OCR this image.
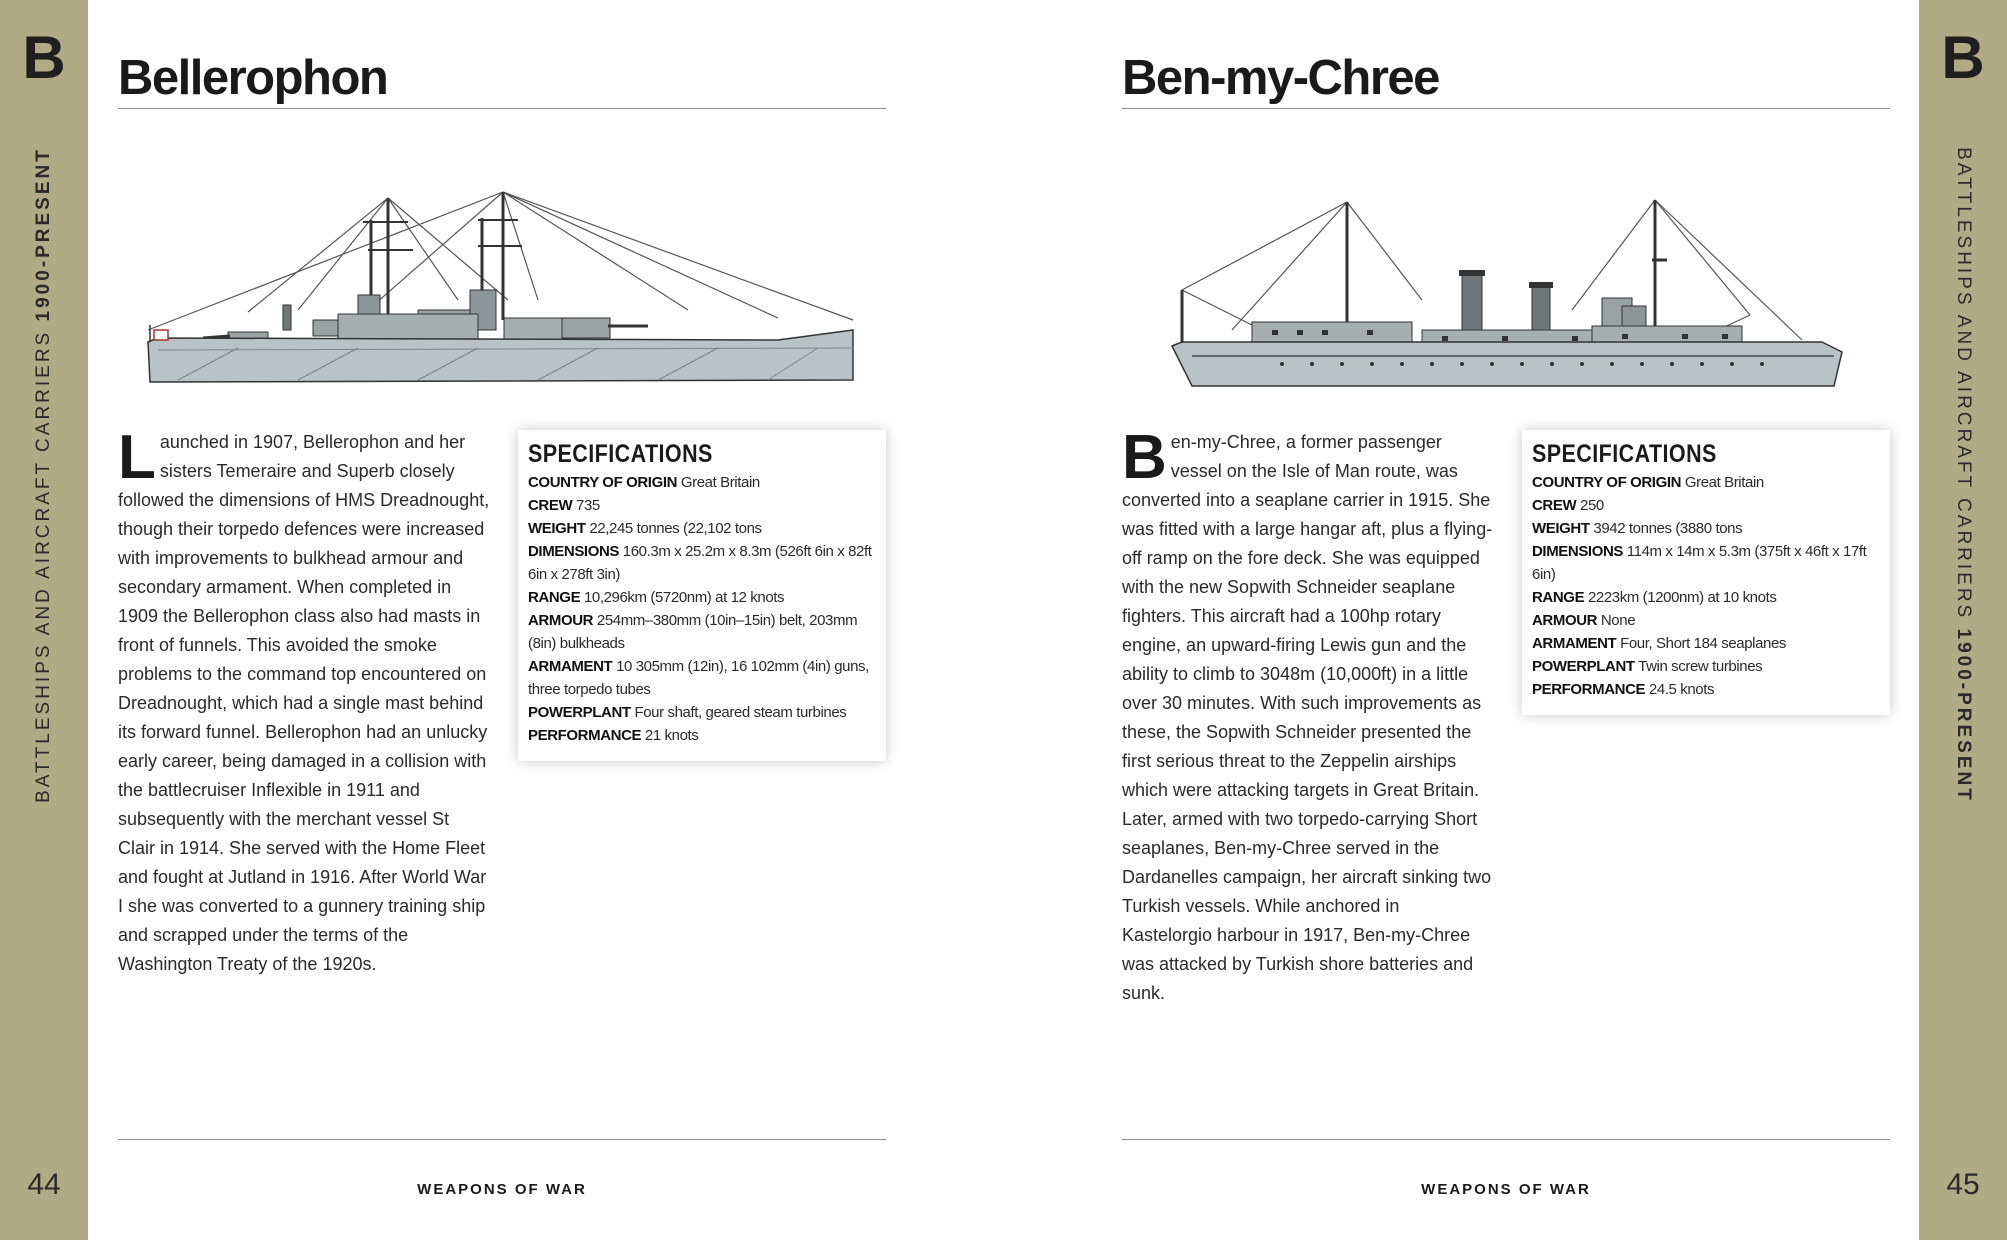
B
BATTLESHIPS AND AIRCRAFT CARRIERS 1900-PRESENT
44
B
BATTLESHIPS AND AIRCRAFT CARRIERS 1900-PRESENT
45
Bellerophon
Launched in 1907, Bellerophon and her sisters Temeraire and Superb closely followed the dimensions of HMS Dreadnought, though their torpedo defences were increased with improvements to bulkhead armour and secondary armament. When completed in 1909 the Bellerophon class also had masts in front of funnels. This avoided the smoke problems to the command top encountered on Dreadnought, which had a single mast behind its forward funnel. Bellerophon had an unlucky early career, being damaged in a collision with the battlecruiser Inflexible in 1911 and subsequently with the merchant vessel St Clair in 1914. She served with the Home Fleet and fought at Jutland in 1916. After World War I she was converted to a gunnery training ship and scrapped under the terms of the Washington Treaty of the 1920s.
SPECIFICATIONS
COUNTRY OF ORIGIN Great Britain
CREW 735
WEIGHT 22,245 tonnes (22,102 tons
DIMENSIONS 160.3m x 25.2m x 8.3m (526ft 6in x 82ft 6in x 278ft 3in)
RANGE 10,296km (5720nm) at 12 knots
ARMOUR 254mm–380mm (10in–15in) belt, 203mm (8in) bulkheads
ARMAMENT 10 305mm (12in), 16 102mm (4in) guns, three torpedo tubes
POWERPLANT Four shaft, geared steam turbines
PERFORMANCE 21 knots
WEAPONS OF WAR
Ben-my-Chree
Ben-my-Chree, a former passenger vessel on the Isle of Man route, was converted into a seaplane carrier in 1915. She was fitted with a large hangar aft, plus a flying-off ramp on the fore deck. She was equipped with the new Sopwith Schneider seaplane fighters. This aircraft had a 100hp rotary engine, an upward-firing Lewis gun and the ability to climb to 3048m (10,000ft) in a little over 30 minutes. With such improvements as these, the Sopwith Schneider presented the first serious threat to the Zeppelin airships which were attacking targets in Great Britain. Later, armed with two torpedo-carrying Short seaplanes, Ben-my-Chree served in the Dardanelles campaign, her aircraft sinking two Turkish vessels. While anchored in Kastelorgio harbour in 1917, Ben-my-Chree was attacked by Turkish shore batteries and sunk.
SPECIFICATIONS
COUNTRY OF ORIGIN Great Britain
CREW 250
WEIGHT 3942 tonnes (3880 tons
DIMENSIONS 114m x 14m x 5.3m (375ft x 46ft x 17ft 6in)
RANGE 2223km (1200nm) at 10 knots
ARMOUR None
ARMAMENT Four, Short 184 seaplanes
POWERPLANT Twin screw turbines
PERFORMANCE 24.5 knots
WEAPONS OF WAR
